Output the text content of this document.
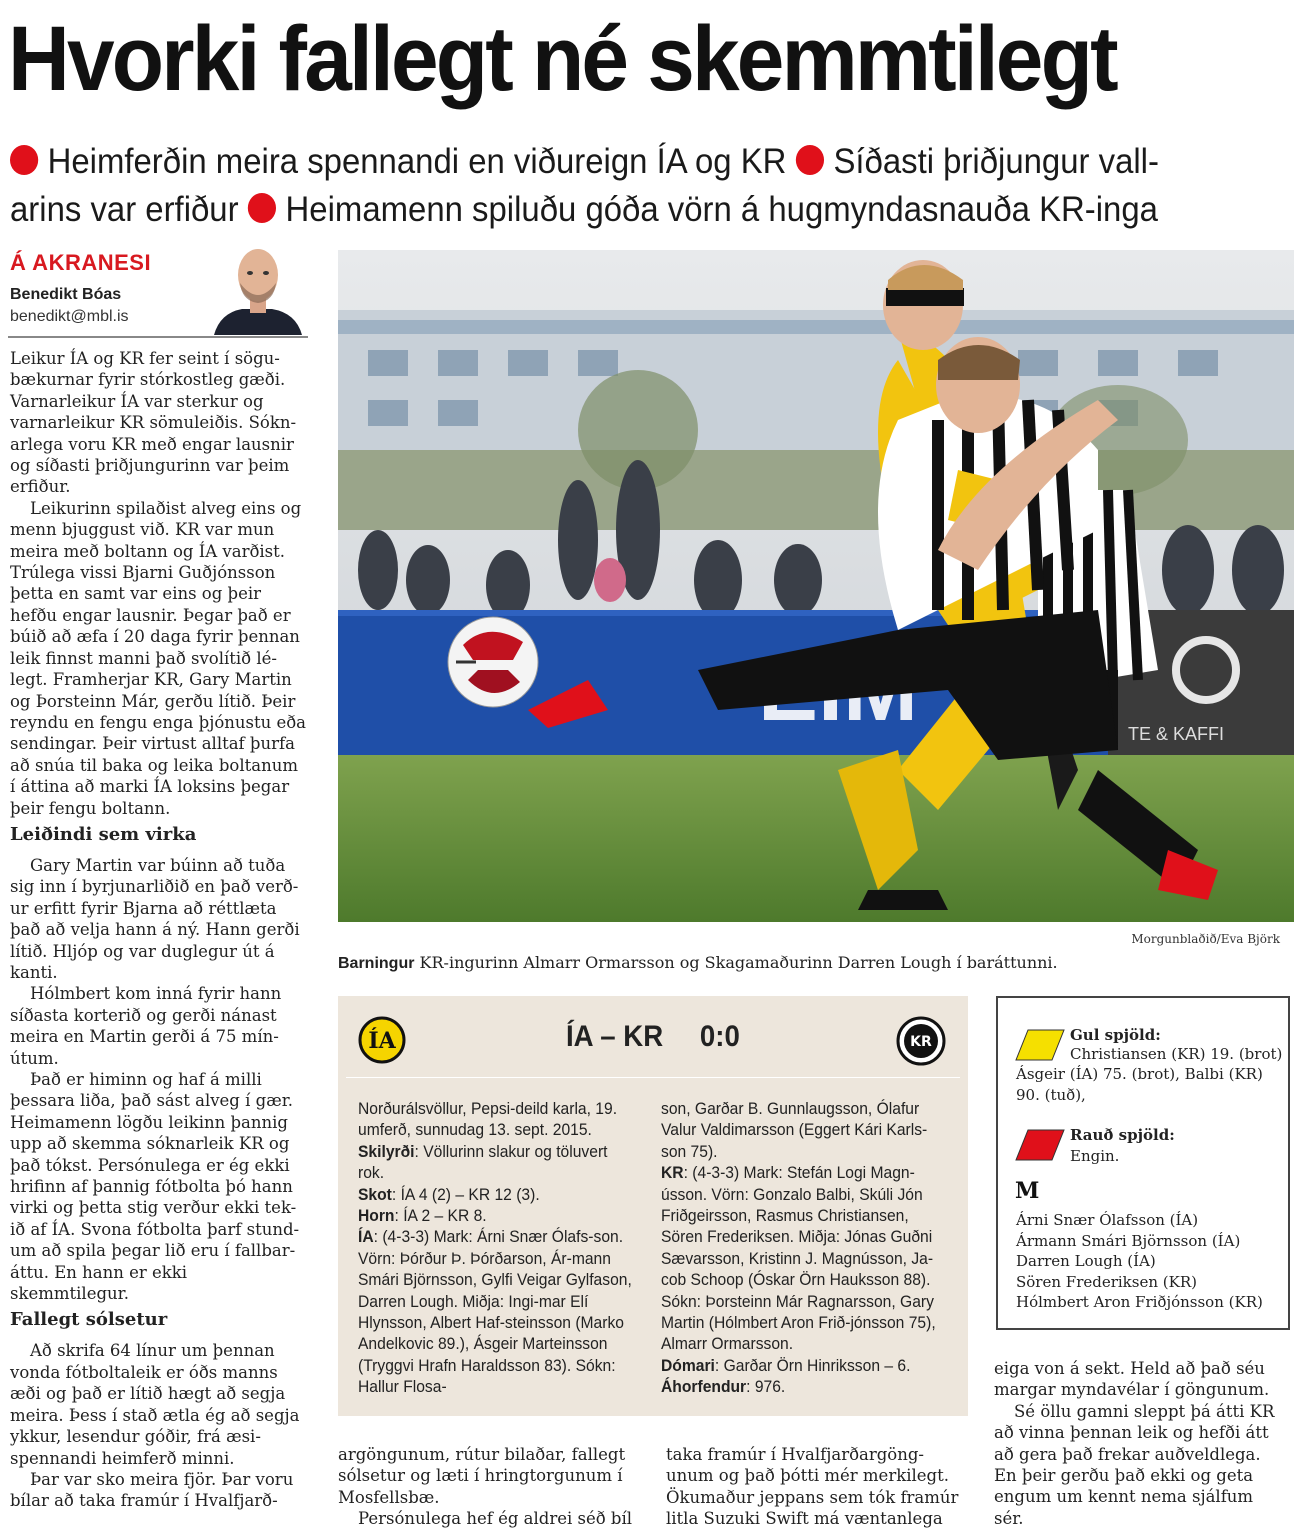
Hvorki fallegt né skemmtilegt
Heimferðin meira spennandi en viðureign ÍA og KR Síðasti þriðjungur vall-
arins var erfiður Heimamenn spiluðu góða vörn á hugmyndasnauða KR-inga
Á AKRANESI
Benedikt Bóas
benedikt@mbl.is

Leikur ÍA og KR fer seint í sögu-bækurnar fyrir stórkostleg gæði. Varnarleikur ÍA var sterkur og varnarleikur KR sömuleiðis. Sókn-arlega voru KR með engar lausnir og síðasti þriðjungurinn var þeim erfiður.

Leikurinn spilaðist alveg eins og menn bjuggust við. KR var mun meira með boltann og ÍA varðist. Trúlega vissi Bjarni Guðjónsson þetta en samt var eins og þeir hefðu engar lausnir. Þegar það er búið að æfa í 20 daga fyrir þennan leik finnst manni það svolítið lé-legt. Framherjar KR, Gary Martin og Þorsteinn Már, gerðu lítið. Þeir reyndu en fengu enga þjónustu eða sendingar. Þeir virtust alltaf þurfa að snúa til baka og leika boltanum í áttina að marki ÍA loksins þegar þeir fengu boltann.

Leiðindi sem virka

Gary Martin var búinn að tuða sig inn í byrjunarliðið en það verð-ur erfitt fyrir Bjarna að réttlæta það að velja hann á ný. Hann gerði lítið. Hljóp og var duglegur út á kanti.

Hólmbert kom inná fyrir hann síðasta korterið og gerði nánast meira en Martin gerði á 75 mín-útum.

Það er himinn og haf á milli þessara liða, það sást alveg í gær. Heimamenn lögðu leikinn þannig upp að skemma sóknarleik KR og það tókst. Persónulega er ég ekki hrifinn af þannig fótbolta þó hann virki og þetta stig verður ekki tek-ið af ÍA. Svona fótbolta þarf stund-um að spila þegar lið eru í fallbar-áttu. En hann er ekki skemmtilegur.

Fallegt sólsetur

Að skrifa 64 línur um þennan vonda fótboltaleik er óðs manns æði og það er lítið hægt að segja meira. Þess í stað ætla ég að segja ykkur, lesendur góðir, frá æsi-spennandi heimferð minni.

Þar var sko meira fjör. Þar voru bílar að taka framúr í Hvalfjarð-

TE & KAFFI
Morgunblaðið/Eva Björk
Barningur KR-ingurinn Almarr Ormarsson og Skagamaðurinn Darren Lough í baráttunni.
ÍA	ÍA – KR 0:0	KR

Norðurálsvöllur, Pepsi-deild karla, 19. umferð, sunnudag 13. sept. 2015.

Skilyrði: Völlurinn slakur og töluvert rok.

Skot: ÍA 4 (2) – KR 12 (3).

Horn: ÍA 2 – KR 8.

ÍA: (4-3-3) Mark: Árni Snær Ólafs-son. Vörn: Þórður Þ. Þórðarson, Ár-mann Smári Björnsson, Gylfi Veigar Gylfason, Darren Lough. Miðja: Ingi-mar Elí Hlynsson, Albert Haf-steinsson (Marko Andelkovic 89.), Ásgeir Marteinsson (Tryggvi Hrafn Haraldsson 83). Sókn: Hallur Flosa-

son, Garðar B. Gunnlaugsson, Ólafur Valur Valdimarsson (Eggert Kári Karls-son 75).

KR: (4-3-3) Mark: Stefán Logi Magn-ússon. Vörn: Gonzalo Balbi, Skúli Jón Friðgeirsson, Rasmus Christiansen, Sören Frederiksen. Miðja: Jónas Guðni Sævarsson, Kristinn J. Magnússon, Ja-cob Schoop (Óskar Örn Hauksson 88). Sókn: Þorsteinn Már Ragnarsson, Gary Martin (Hólmbert Aron Frið-jónsson 75), Almarr Ormarsson.

Dómari: Garðar Örn Hinriksson – 6.

Áhorfendur: 976.

Gul spjöld:
Christiansen (KR) 19. (brot)
Ásgeir (ÍA) 75. (brot), Balbi (KR) 90. (tuð),
Rauð spjöld:
Engin.
M
Árni Snær Ólafsson (ÍA)
Ármann Smári Björnsson (ÍA)
Darren Lough (ÍA)
Sören Frederiksen (KR)
Hólmbert Aron Friðjónsson (KR)

argöngunum, rútur bilaðar, fallegt sólsetur og læti í hringtorgunum í Mosfellsbæ.

Persónulega hef ég aldrei séð bíl

taka framúr í Hvalfjarðargöng-unum og það þótti mér merkilegt. Ökumaður jeppans sem tók framúr litla Suzuki Swift má væntanlega

eiga von á sekt. Held að það séu margar myndavélar í göngunum.

Sé öllu gamni sleppt þá átti KR að vinna þennan leik og hefði átt að gera það frekar auðveldlega. En þeir gerðu það ekki og geta engum um kennt nema sjálfum sér.
